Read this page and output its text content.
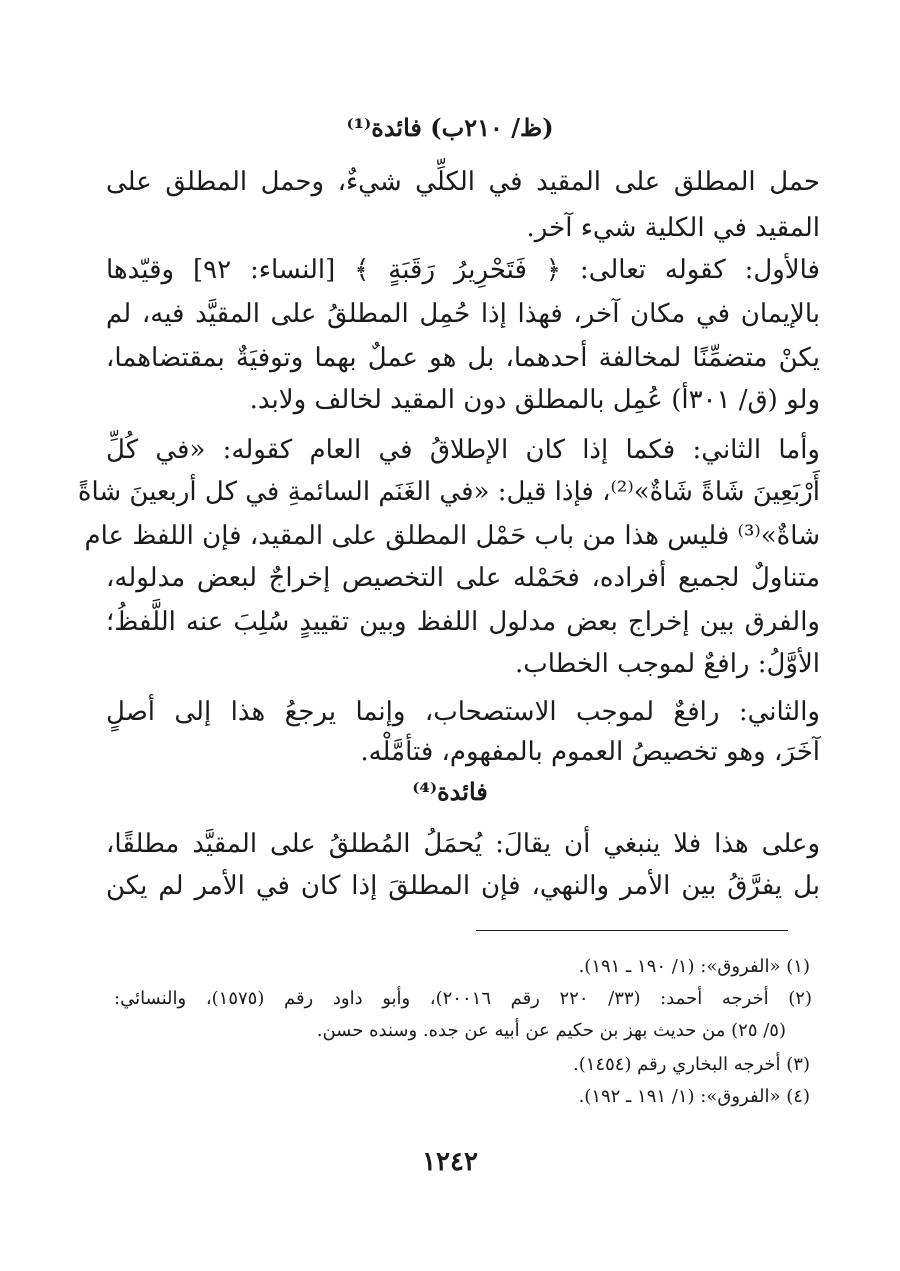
(ظ/ ٢١٠ب) فائدة⁽¹⁾
حمل المطلق على المقيد في الكلِّي شيءٌ، وحمل المطلق على
المقيد في الكلية شيء آخر.
فالأول: كقوله تعالى: ﴿ فَتَحْرِيرُ رَقَبَةٍ ﴾ [النساء: ٩٢] وقيّدها
بالإيمان في مكان آخر، فهذا إذا حُمِل المطلقُ على المقيَّد فيه، لم
يكنْ متضمِّنًا لمخالفة أحدهما، بل هو عملٌ بهما وتوفيَةٌ بمقتضاهما،
ولو (ق/ ٣٠١أ) عُمِل بالمطلق دون المقيد لخالف ولابد.
وأما الثاني: فكما إذا كان الإطلاقُ في العام كقوله: «في كُلِّ
أَرْبَعِينَ شَاةً شَاةٌ»⁽²⁾، فإذا قيل: «في الغَنَم السائمةِ في كل أربعينَ شاةً
شاةٌ»⁽³⁾ فليس هذا من باب حَمْل المطلق على المقيد، فإن اللفظ عام
متناولٌ لجميع أفراده، فحَمْله على التخصيص إخراجٌ لبعض مدلوله،
والفرق بين إخراج بعض مدلول اللفظ وبين تقييدٍ سُلِبَ عنه اللَّفظُ؛
الأوَّلُ: رافعٌ لموجب الخطاب.
والثاني: رافعٌ لموجب الاستصحاب، وإنما يرجعُ هذا إلى أصلٍ
آخَرَ، وهو تخصيصُ العموم بالمفهوم، فتأمَّلْه.
فائدة⁽⁴⁾
وعلى هذا فلا ينبغي أن يقالَ: يُحمَلُ المُطلقُ على المقيَّد مطلقًا،
بل يفرَّقُ بين الأمر والنهي، فإن المطلقَ إذا كان في الأمر لم يكن
(١) «الفروق»: (١/ ١٩٠ ـ ١٩١).
(٢) أخرجه أحمد: (٣٣/ ٢٢٠ رقم ٢٠٠١٦)، وأبو داود رقم (١٥٧٥)، والنسائي:
(٥/ ٢٥) من حديث بهز بن حكيم عن أبيه عن جده. وسنده حسن.
(٣) أخرجه البخاري رقم (١٤٥٤).
(٤) «الفروق»: (١/ ١٩١ ـ ١٩٢).
١٢٤٢
